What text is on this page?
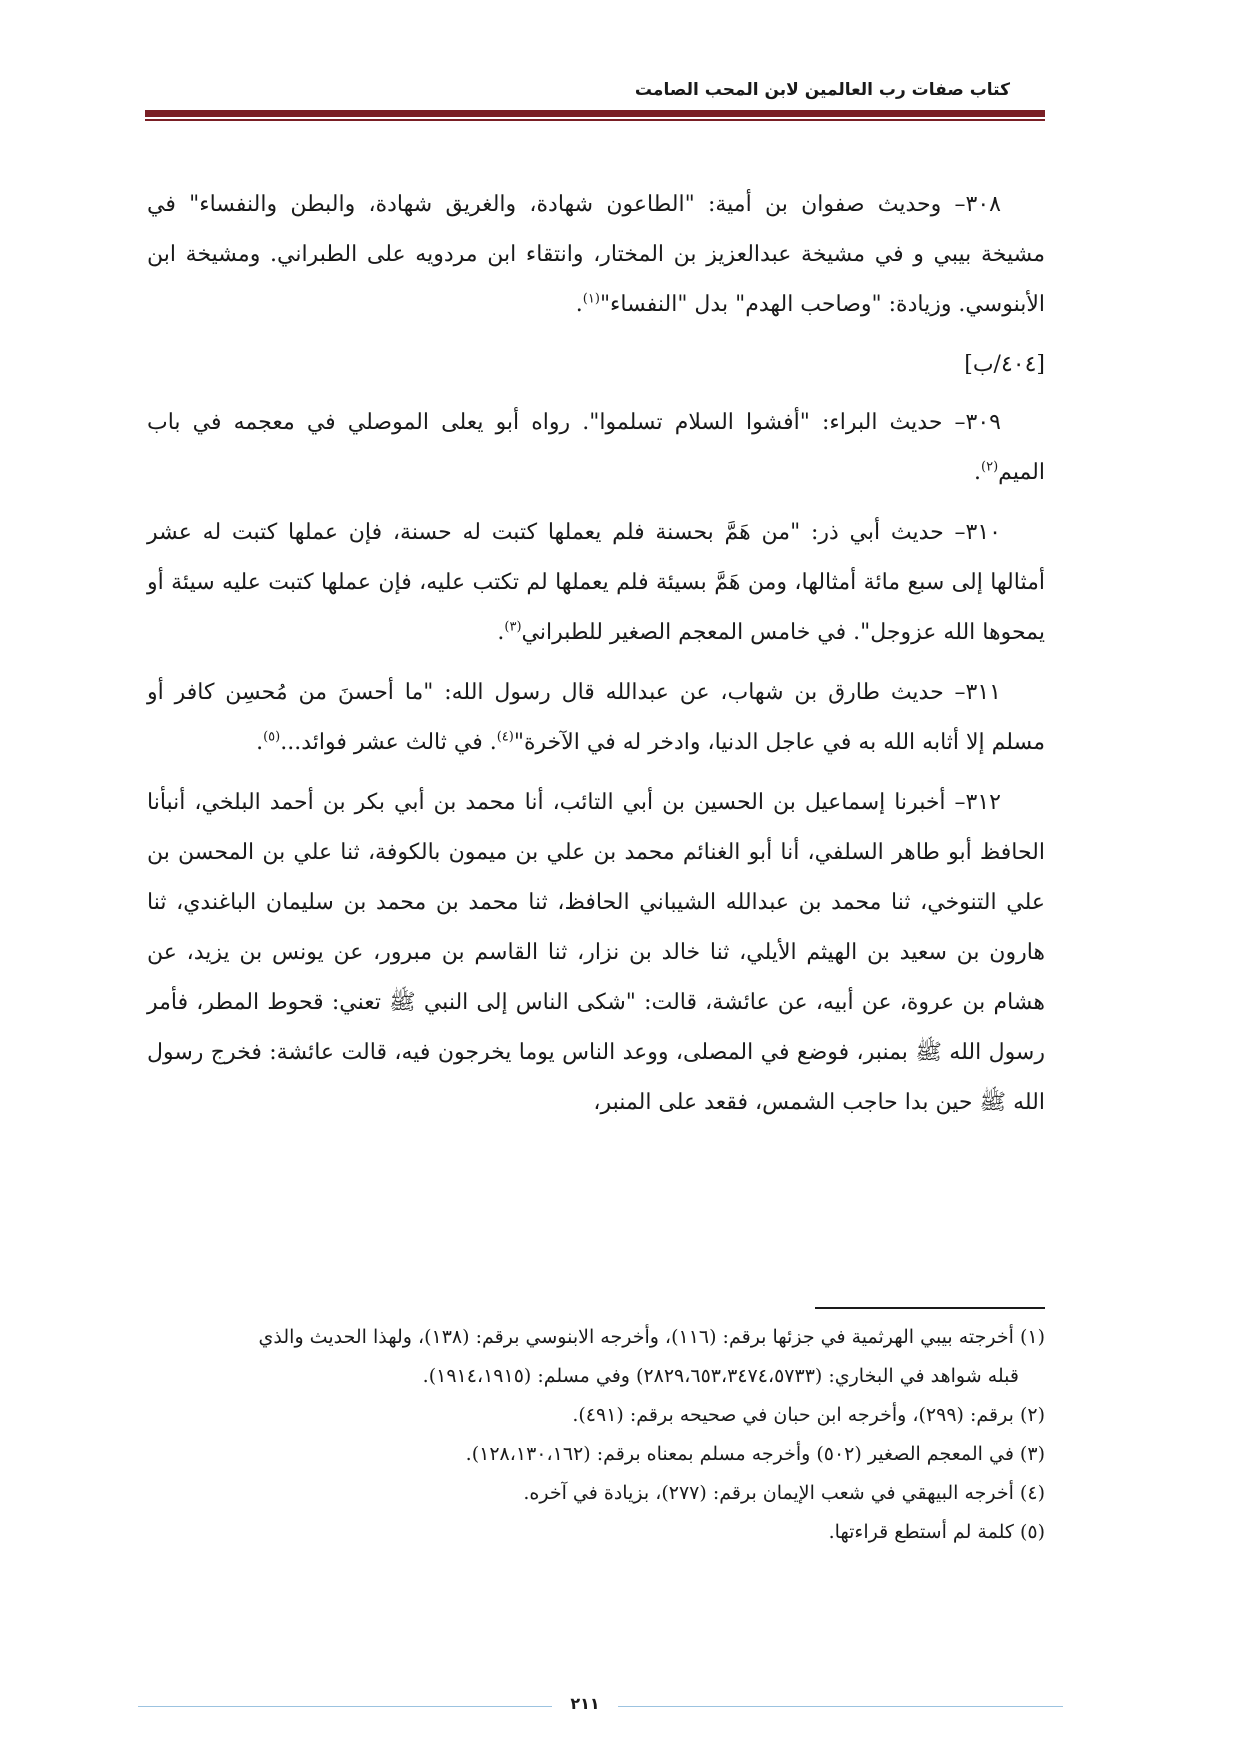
كتاب صفات رب العالمين لابن المحب الصامت

٣٠٨– وحديث صفوان بن أمية: "الطاعون شهادة، والغريق شهادة، والبطن والنفساء" في مشيخة بيبي و في مشيخة عبدالعزيز بن المختار، وانتقاء ابن مردويه على الطبراني. ومشيخة ابن الأبنوسي. وزيادة: "وصاحب الهدم" بدل "النفساء"$^{(١)}$.

[٤٠٤/ب]

٣٠٩– حديث البراء: "أفشوا السلام تسلموا". رواه أبو يعلى الموصلي في معجمه في باب الميم$^{(٢)}$.

٣١٠– حديث أبي ذر: "من هَمَّ بحسنة فلم يعملها كتبت له حسنة، فإن عملها كتبت له عشر أمثالها إلى سبع مائة أمثالها، ومن هَمَّ بسيئة فلم يعملها لم تكتب عليه، فإن عملها كتبت عليه سيئة أو يمحوها الله عزوجل". في خامس المعجم الصغير للطبراني$^{(٣)}$.

٣١١– حديث طارق بن شهاب، عن عبدالله قال رسول الله: "ما أحسنَ من مُحسِن كافر أو مسلم إلا أثابه الله به في عاجل الدنيا، وادخر له في الآخرة"$^{(٤)}$. في ثالث عشر فوائد...$^{(٥)}$.

٣١٢– أخبرنا إسماعيل بن الحسين بن أبي التائب، أنا محمد بن أبي بكر بن أحمد البلخي، أنبأنا الحافظ أبو طاهر السلفي، أنا أبو الغنائم محمد بن علي بن ميمون بالكوفة، ثنا علي بن المحسن بن علي التنوخي، ثنا محمد بن عبدالله الشيباني الحافظ، ثنا محمد بن محمد بن سليمان الباغندي، ثنا هارون بن سعيد بن الهيثم الأيلي، ثنا خالد بن نزار، ثنا القاسم بن مبرور، عن يونس بن يزيد، عن هشام بن عروة، عن أبيه، عن عائشة، قالت: "شكى الناس إلى النبي ﷺ تعني: قحوط المطر، فأمر رسول الله ﷺ بمنبر، فوضع في المصلى، ووعد الناس يوما يخرجون فيه، قالت عائشة: فخرج رسول الله ﷺ حين بدا حاجب الشمس، فقعد على المنبر،

(١) أخرجته بيبي الهرثمية في جزئها برقم: (١١٦)، وأخرجه الابنوسي برقم: (١٣٨)، ولهذا الحديث والذي
قبله شواهد في البخاري: (٢٨٢٩،٦٥٣،٣٤٧٤،٥٧٣٣) وفي مسلم: (١٩١٤،١٩١٥).
(٢) برقم: (٢٩٩)، وأخرجه ابن حبان في صحيحه برقم: (٤٩١).
(٣) في المعجم الصغير (٥٠٢) وأخرجه مسلم بمعناه برقم: (١٢٨،١٣٠،١٦٢).
(٤) أخرجه البيهقي في شعب الإيمان برقم: (٢٧٧)، بزيادة في آخره.
(٥) كلمة لم أستطع قراءتها.
٢١١
